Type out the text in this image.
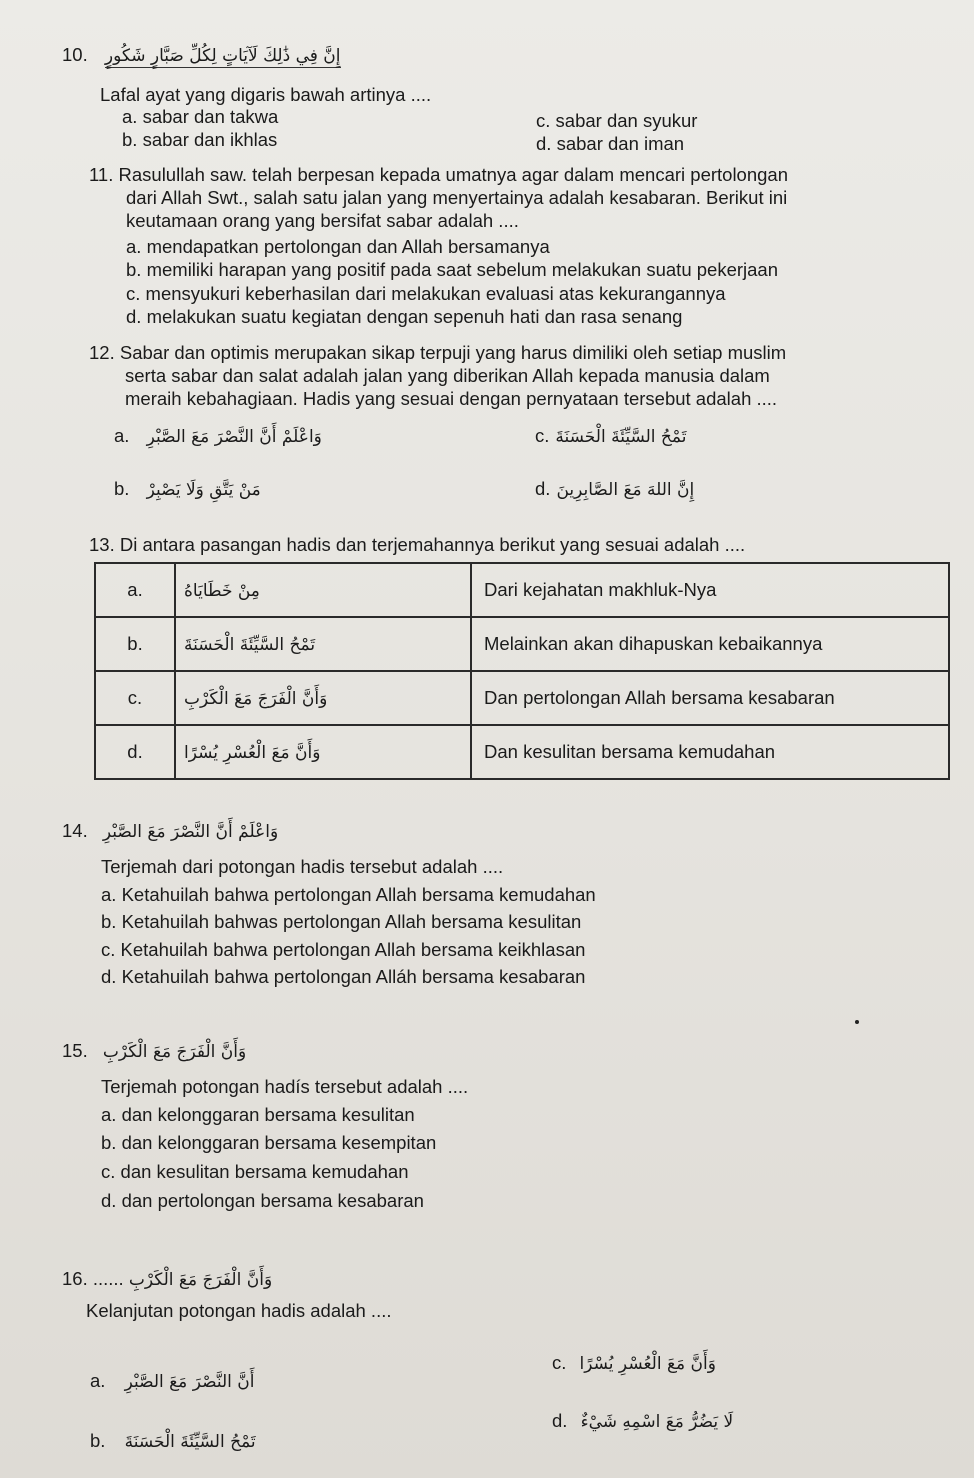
10. إِنَّ فِي ذَٰلِكَ لَآيَاتٍ لِكُلِّ صَبَّارٍ شَكُورٍ
Lafal ayat yang digaris bawah artinya ....
a. sabar dan takwa
b. sabar dan ikhlas
c. sabar dan syukur
d. sabar dan iman
11. Rasulullah saw. telah berpesan kepada umatnya agar dalam mencari pertolongan
dari Allah Swt., salah satu jalan yang menyertainya adalah kesabaran. Berikut ini
keutamaan orang yang bersifat sabar adalah ....
a. mendapatkan pertolongan dan Allah bersamanya
b. memiliki harapan yang positif pada saat sebelum melakukan suatu pekerjaan
c. mensyukuri keberhasilan dari melakukan evaluasi atas kekurangannya
d. melakukan suatu kegiatan dengan sepenuh hati dan rasa senang
12. Sabar dan optimis merupakan sikap terpuji yang harus dimiliki oleh setiap muslim
serta sabar dan salat adalah jalan yang diberikan Allah kepada manusia dalam
meraih kebahagiaan. Hadis yang sesuai dengan pernyataan tersebut adalah ....
a. وَاعْلَمْ أَنَّ النَّصْرَ مَعَ الصَّبْرِ
b. مَنْ يَتَّقِ وَلَا يَصْبِرْ
c. تَمْحُ السَّيِّئَةَ الْحَسَنَةَ
d. إِنَّ اللهَ مَعَ الصَّابِرِينَ
13. Di antara pasangan hadis dan terjemahannya berikut yang sesuai adalah ....
a.	مِنْ خَطَايَاهُ	Dari kejahatan makhluk-Nya
b.	تَمْحُ السَّيِّئَةَ الْحَسَنَةَ	Melainkan akan dihapuskan kebaikannya
c.	وَأَنَّ الْفَرَجَ مَعَ الْكَرْبِ	Dan pertolongan Allah bersama kesabaran
d.	وَأَنَّ مَعَ الْعُسْرِ يُسْرًا	Dan kesulitan bersama kemudahan
14. وَاعْلَمْ أَنَّ النَّصْرَ مَعَ الصَّبْرِ
Terjemah dari potongan hadis tersebut adalah ....
a. Ketahuilah bahwa pertolongan Allah bersama kemudahan
b. Ketahuilah bahwas pertolongan Allah bersama kesulitan
c. Ketahuilah bahwa pertolongan Allah bersama keikhlasan
d. Ketahuilah bahwa pertolongan Alláh bersama kesabaran
15. وَأَنَّ الْفَرَجَ مَعَ الْكَرْبِ
Terjemah potongan hadís tersebut adalah ....
a. dan kelonggaran bersama kesulitan
b. dan kelonggaran bersama kesempitan
c. dan kesulitan bersama kemudahan
d. dan pertolongan bersama kesabaran
16. ...... وَأَنَّ الْفَرَجَ مَعَ الْكَرْبِ
Kelanjutan potongan hadis adalah ....
a. أَنَّ النَّصْرَ مَعَ الصَّبْرِ
b. تَمْحُ السَّيِّئَةَ الْحَسَنَةَ
c. وَأَنَّ مَعَ الْعُسْرِ يُسْرًا
d. لَا يَضُرُّ مَعَ اسْمِهِ شَيْءٌ
